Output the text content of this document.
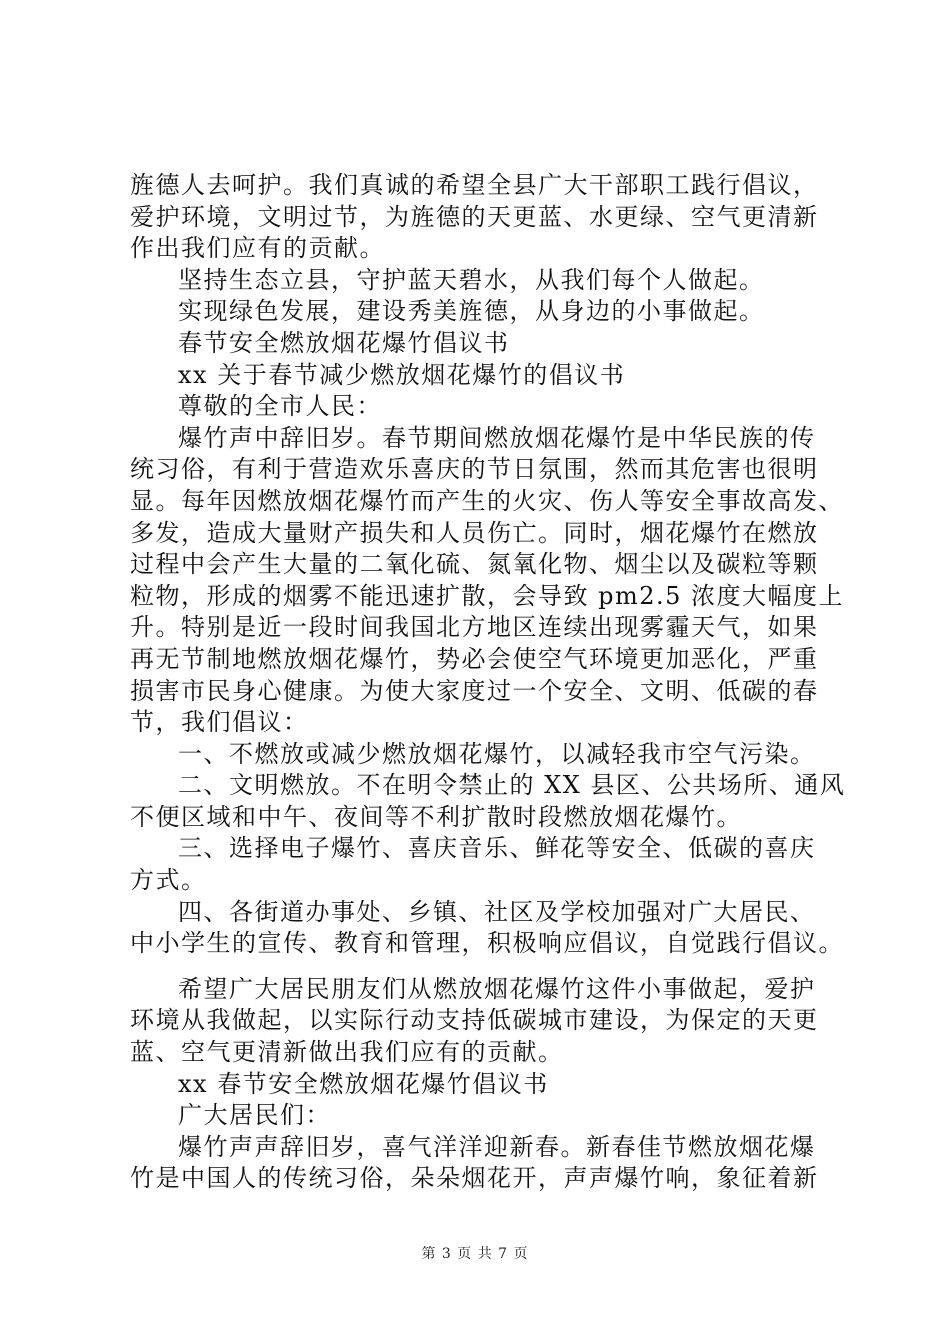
旌德人去呵护。我们真诚的希望全县广大干部职工践行倡议，
爱护环境，文明过节，为旌德的天更蓝、水更绿、空气更清新
作出我们应有的贡献。
坚持生态立县，守护蓝天碧水，从我们每个人做起。
实现绿色发展，建设秀美旌德，从身边的小事做起。
春节安全燃放烟花爆竹倡议书
xx 关于春节减少燃放烟花爆竹的倡议书
尊敬的全市人民：
爆竹声中辞旧岁。春节期间燃放烟花爆竹是中华民族的传
统习俗，有利于营造欢乐喜庆的节日氛围，然而其危害也很明
显。每年因燃放烟花爆竹而产生的火灾、伤人等安全事故高发、
多发，造成大量财产损失和人员伤亡。同时，烟花爆竹在燃放
过程中会产生大量的二氧化硫、氮氧化物、烟尘以及碳粒等颗
粒物，形成的烟雾不能迅速扩散，会导致 pm2.5 浓度大幅度上
升。特别是近一段时间我国北方地区连续出现雾霾天气，如果
再无节制地燃放烟花爆竹，势必会使空气环境更加恶化，严重
损害市民身心健康。为使大家度过一个安全、文明、低碳的春
节，我们倡议：
一、不燃放或减少燃放烟花爆竹，以减轻我市空气污染。
二、文明燃放。不在明令禁止的 XX 县区、公共场所、通风
不便区域和中午、夜间等不利扩散时段燃放烟花爆竹。
三、选择电子爆竹、喜庆音乐、鲜花等安全、低碳的喜庆
方式。
四、各街道办事处、乡镇、社区及学校加强对广大居民、
中小学生的宣传、教育和管理，积极响应倡议，自觉践行倡议。
希望广大居民朋友们从燃放烟花爆竹这件小事做起，爱护
环境从我做起，以实际行动支持低碳城市建设，为保定的天更
蓝、空气更清新做出我们应有的贡献。
xx 春节安全燃放烟花爆竹倡议书
广大居民们：
爆竹声声辞旧岁，喜气洋洋迎新春。新春佳节燃放烟花爆
竹是中国人的传统习俗，朵朵烟花开，声声爆竹响，象征着新
第 3 页 共 7 页
